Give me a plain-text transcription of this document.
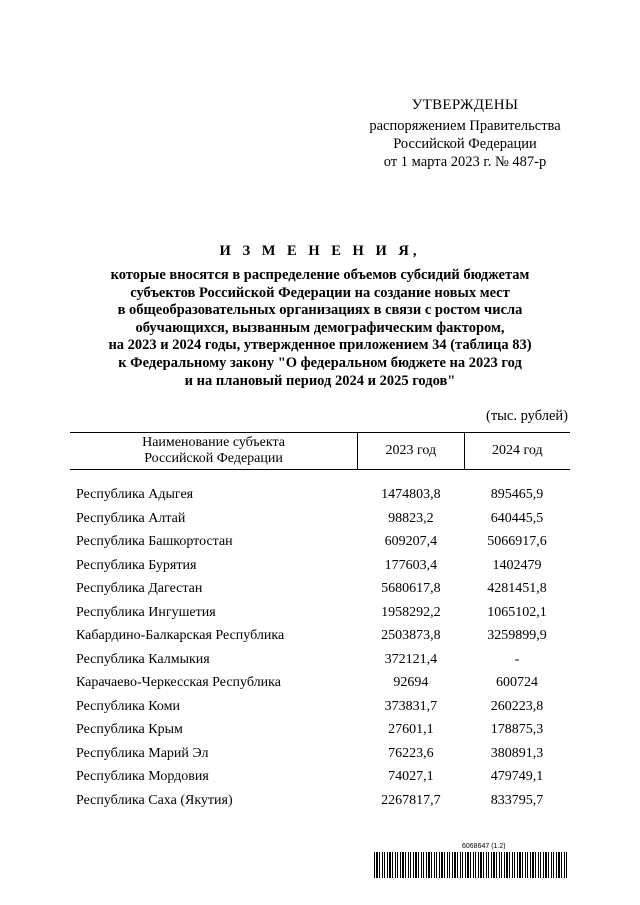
УТВЕРЖДЕНЫ
распоряжением Правительства
Российской Федерации
от 1 марта 2023 г. № 487-р
И З М Е Н Е Н И Я,
которые вносятся в распределение объемов субсидий бюджетам
субъектов Российской Федерации на создание новых мест
в общеобразовательных организациях в связи с ростом числа
обучающихся, вызванным демографическим фактором,
на 2023 и 2024 годы, утвержденное приложением 34 (таблица 83)
к Федеральному закону "О федеральном бюджете на 2023 год
и на плановый период 2024 и 2025 годов"
(тыс. рублей)
Наименование субъекта
Российской Федерации	2023 год	2024 год

Республика Адыгея	1474803,8	895465,9
Республика Алтай	98823,2	640445,5
Республика Башкортостан	609207,4	5066917,6
Республика Бурятия	177603,4	1402479
Республика Дагестан	5680617,8	4281451,8
Республика Ингушетия	1958292,2	1065102,1
Кабардино-Балкарская Республика	2503873,8	3259899,9
Республика Калмыкия	372121,4	-
Карачаево-Черкесская Республика	92694	600724
Республика Коми	373831,7	260223,8
Республика Крым	27601,1	178875,3
Республика Марий Эл	76223,6	380891,3
Республика Мордовия	74027,1	479749,1
Республика Саха (Якутия)	2267817,7	833795,7
6068647 (1.2)
